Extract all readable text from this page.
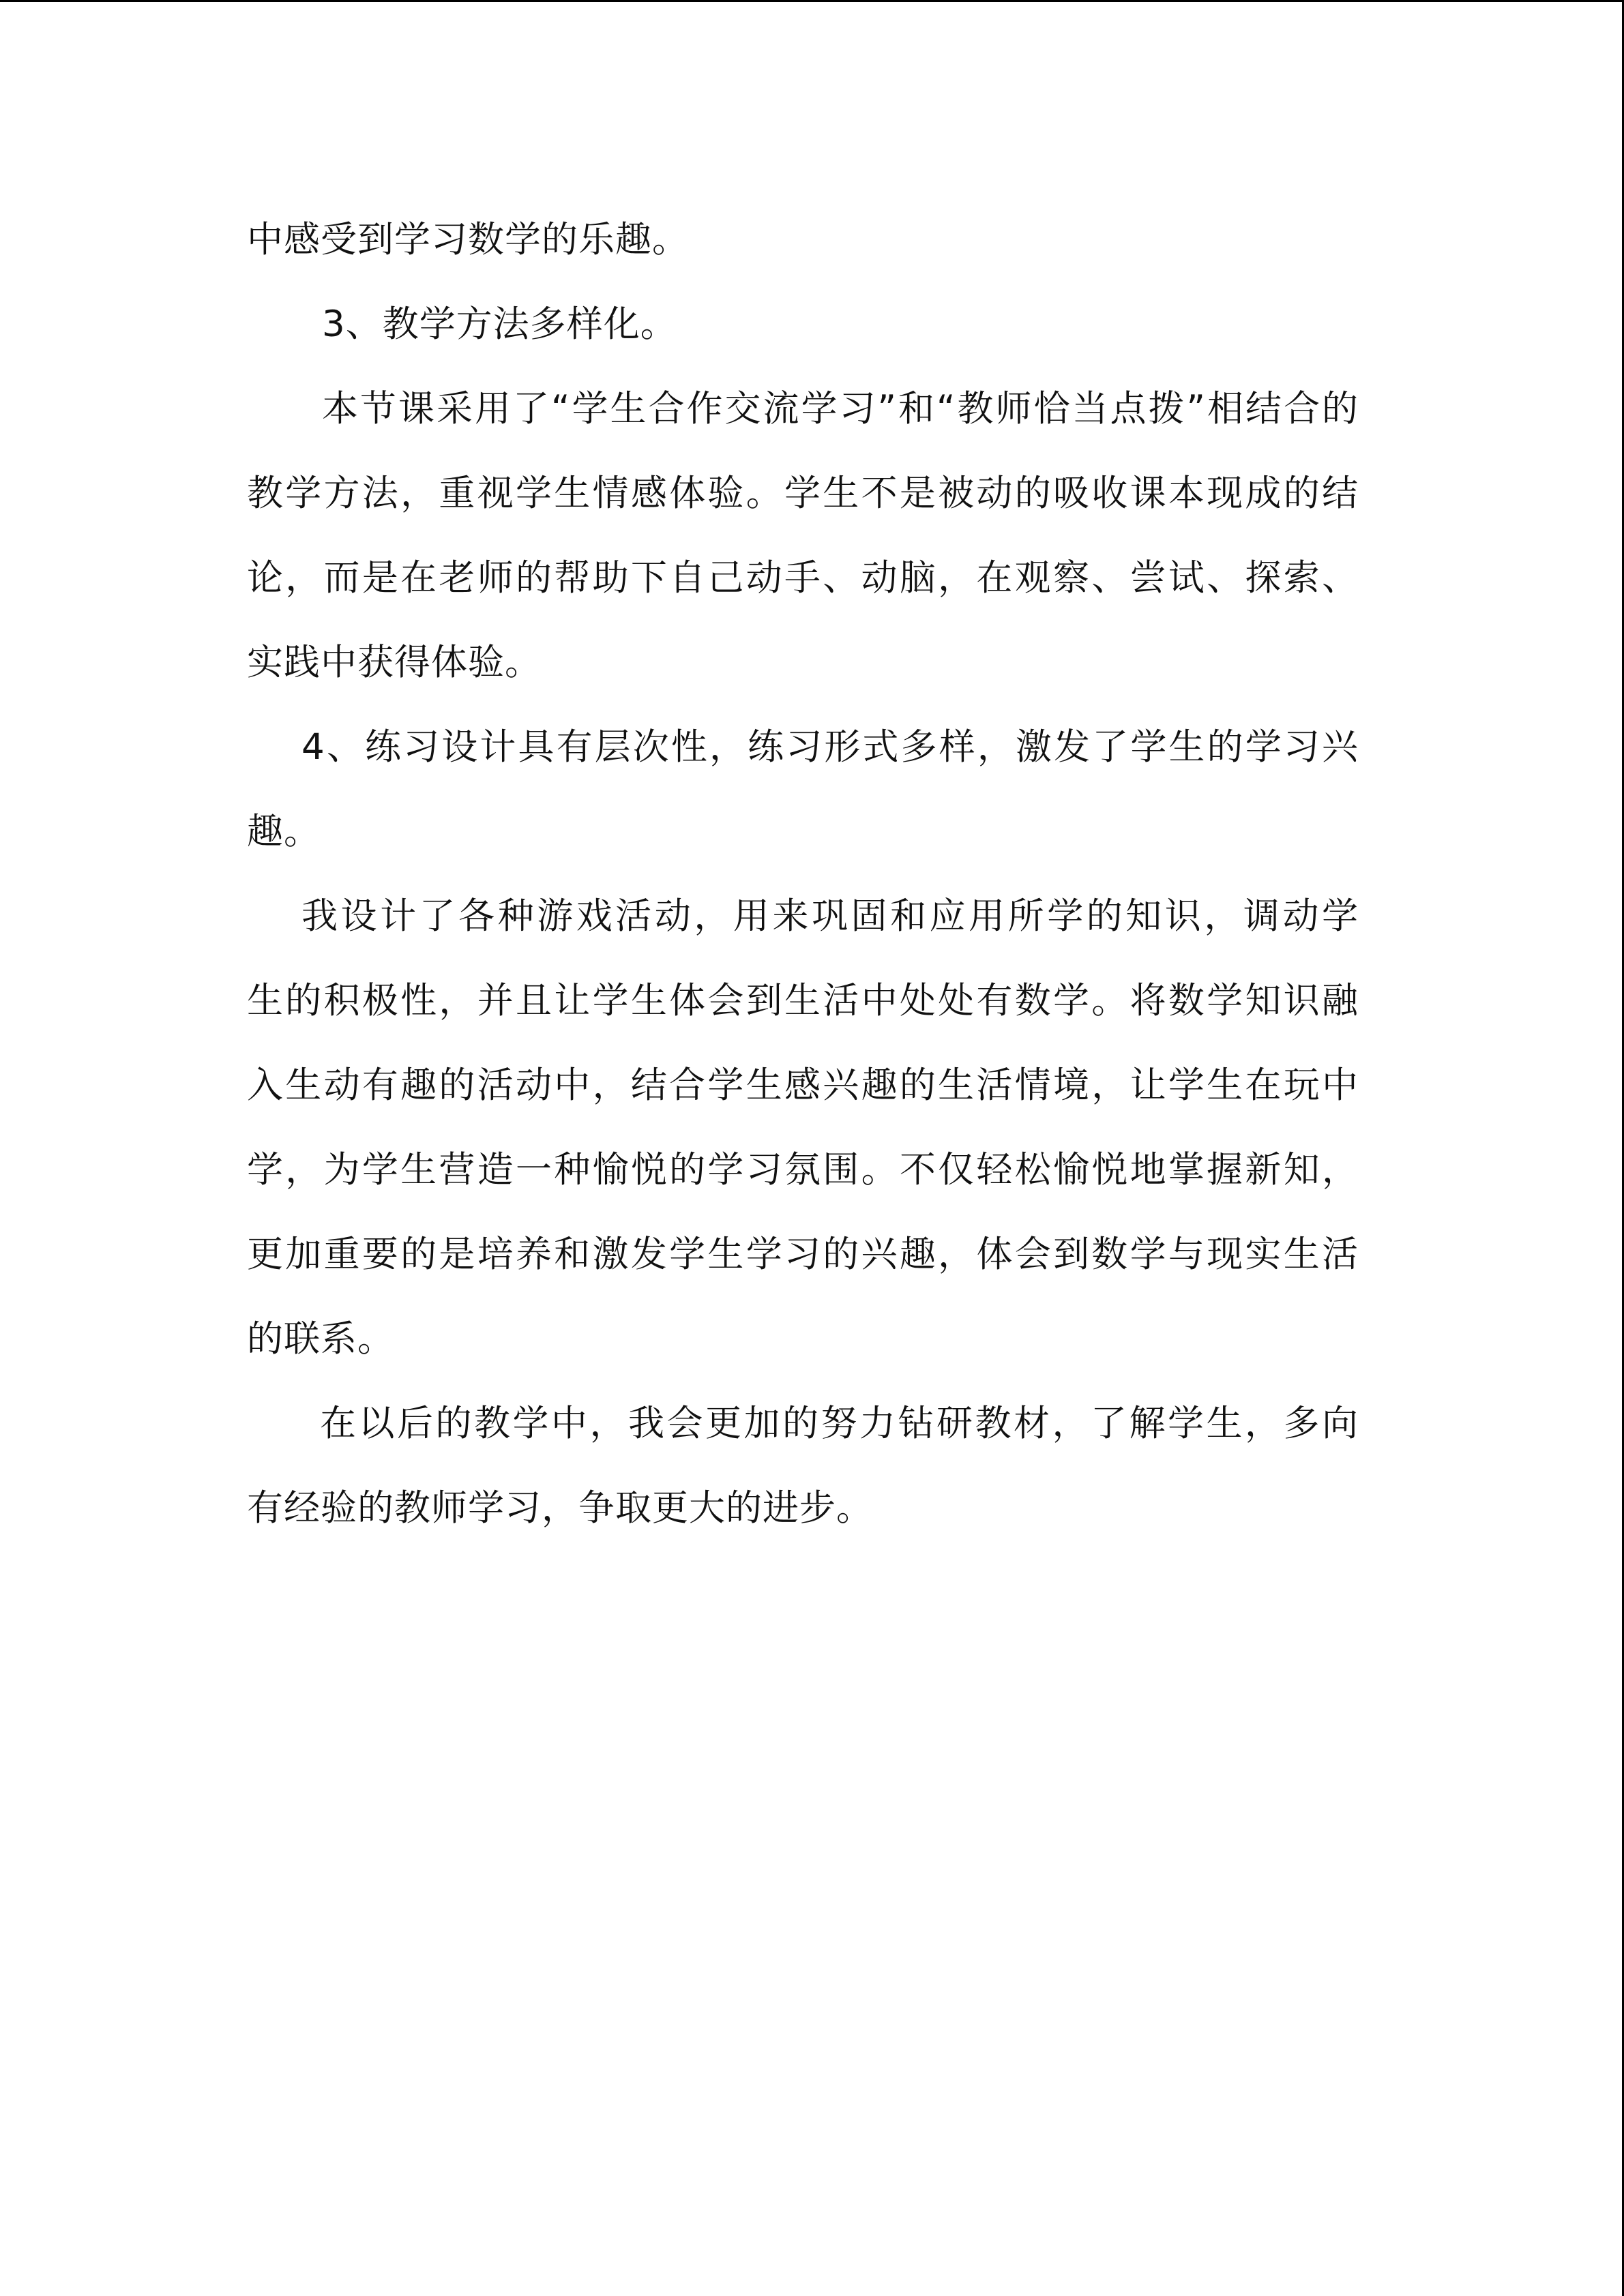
中感受到学习数学的乐趣。
3、教学方法多样化。
本节课采用了“学生合作交流学习”和“教师恰当点拨”相结合的
教学方法，重视学生情感体验。学生不是被动的吸收课本现成的结
论，而是在老师的帮助下自己动手、动脑，在观察、尝试、探索、
实践中获得体验。
4、练习设计具有层次性，练习形式多样，激发了学生的学习兴
趣。
我设计了各种游戏活动，用来巩固和应用所学的知识，调动学
生的积极性，并且让学生体会到生活中处处有数学。将数学知识融
入生动有趣的活动中，结合学生感兴趣的生活情境，让学生在玩中
学，为学生营造一种愉悦的学习氛围。不仅轻松愉悦地掌握新知，
更加重要的是培养和激发学生学习的兴趣，体会到数学与现实生活
的联系。
在以后的教学中，我会更加的努力钻研教材，了解学生，多向
有经验的教师学习，争取更大的进步。
